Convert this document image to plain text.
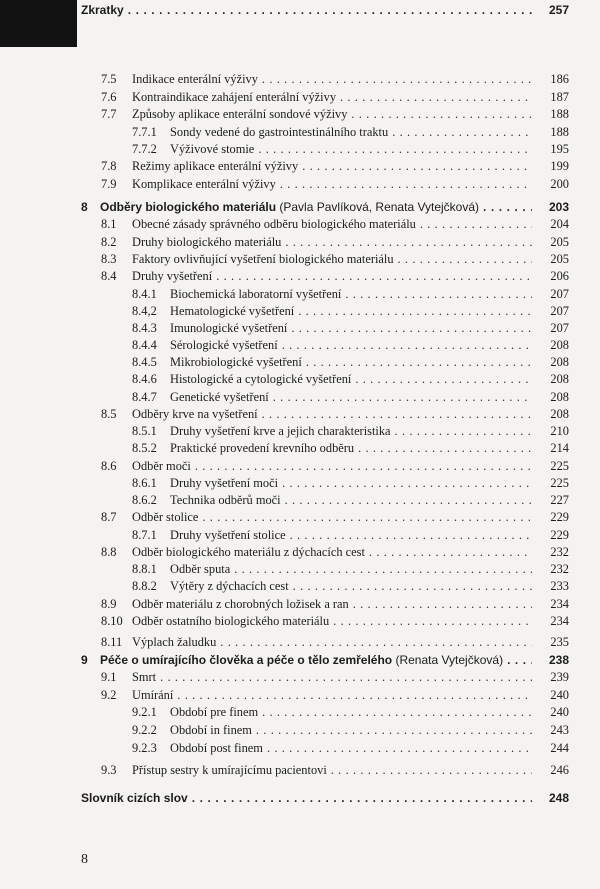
7.5 Indikace enterální výživy . . .	186
7.6 Kontraindikace zahájení enterální výživy . . .	187
7.7 Způsoby aplikace enterální sondové výživy . . .	188
7.7.1 Sondy vedené do gastrointestinálního traktu . . .	188
7.7.2 Výživové stomie . . .	195
7.8 Režimy aplikace enterální výživy . . .	199
7.9 Komplikace enterální výživy . . .	200
8 Odběry biologického materiálu (Pavla Pavlíková, Renata Vytejčková) . . .	203
8.1 Obecné zásady správného odběru biologického materiálu . . .	204
8.2 Druhy biologického materiálu . . .	205
8.3 Faktory ovlivňující vyšetření biologického materiálu . . .	205
8.4 Druhy vyšetření . . .	206
8.4.1 Biochemická laboratorní vyšetření . . .	207
8.4,2 Hematologické vyšetření . . .	207
8.4.3 Imunologické vyšetření . . .	207
8.4.4 Sérologické vyšetření . . .	208
8.4.5 Mikrobiologické vyšetření . . .	208
8.4.6 Histologické a cytologické vyšetření . . .	208
8.4.7 Genetické vyšetření . . .	208
8.5 Odběry krve na vyšetření . . .	208
8.5.1 Druhy vyšetření krve a jejich charakteristika . . .	210
8.5.2 Praktické provedení krevního odběru . . .	214
8.6 Odběr moči . . .	225
8.6.1 Druhy vyšetření moči . . .	225
8.6.2 Technika odběrů moči . . .	227
8.7 Odběr stolice . . .	229
8.7.1 Druhy vyšetření stolice . . .	229
8.8 Odběr biologického materiálu z dýchacích cest . . .	232
8.8.1 Odběr sputa . . .	232
8.8.2 Výtěry z dýchacích cest . . .	233
8.9 Odběr materiálu z chorobných ložisek a ran . . .	234
8.10 Odběr ostatního biologického materiálu . . .	234
8.11 Výplach žaludku . . .	235
9 Péče o umírajícího člověka a péče o tělo zemřelého (Renata Vytejčková) . . .	238
9.1 Smrt . . .	239
9.2 Umírání . . .	240
9.2.1 Období pre finem . . .	240
9.2.2 Období in finem . . .	243
9.2.3 Období post finem . . .	244
9.3 Přístup sestry k umírajícímu pacientovi . . .	246
Slovník cizích slov . . .	248
Zkratky . . .	257
8
